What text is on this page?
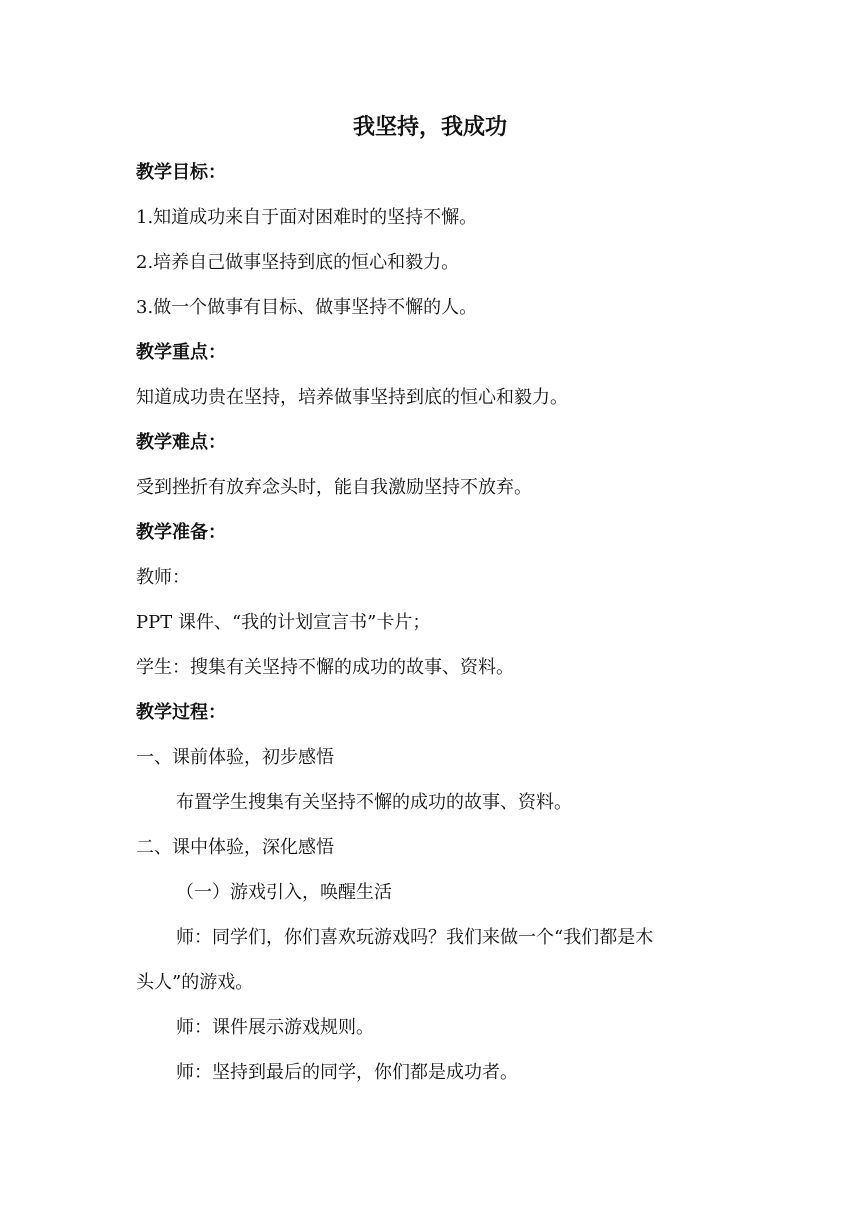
我坚持，我成功
教学目标：
1.知道成功来自于面对困难时的坚持不懈。
2.培养自己做事坚持到底的恒心和毅力。
3.做一个做事有目标、做事坚持不懈的人。
教学重点：
知道成功贵在坚持，培养做事坚持到底的恒心和毅力。
教学难点：
受到挫折有放弃念头时，能自我激励坚持不放弃。
教学准备：
教师：
PPT 课件、“我的计划宣言书”卡片；
学生：搜集有关坚持不懈的成功的故事、资料。
教学过程：
一、课前体验，初步感悟
布置学生搜集有关坚持不懈的成功的故事、资料。
二、课中体验，深化感悟
（一）游戏引入，唤醒生活
师：同学们，你们喜欢玩游戏吗？我们来做一个“我们都是木
头人”的游戏。
师：课件展示游戏规则。
师：坚持到最后的同学，你们都是成功者。
